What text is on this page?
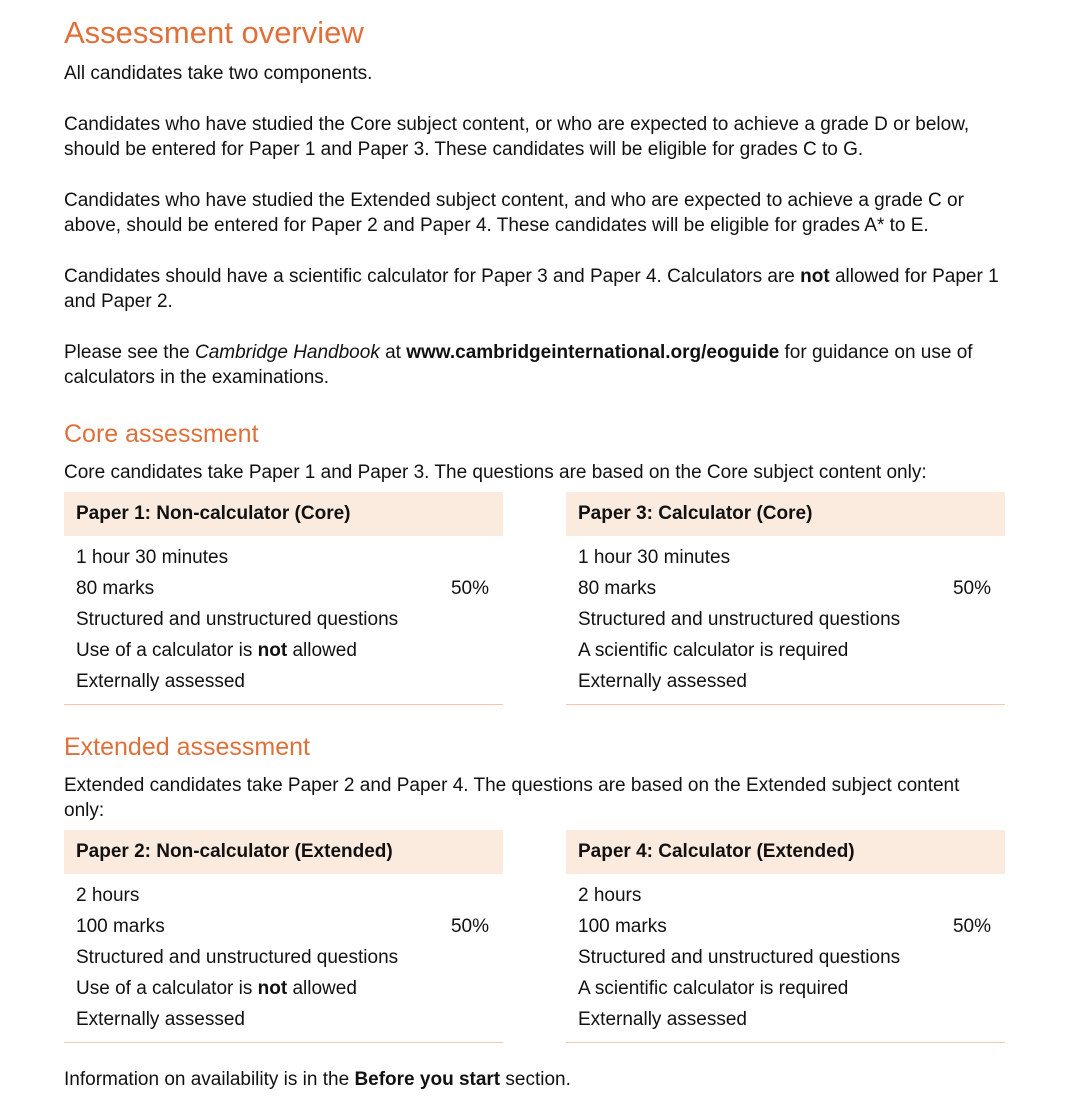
Assessment overview

All candidates take two components.

Candidates who have studied the Core subject content, or who are expected to achieve a grade D or below, should be entered for Paper 1 and Paper 3. These candidates will be eligible for grades C to G.

Candidates who have studied the Extended subject content, and who are expected to achieve a grade C or above, should be entered for Paper 2 and Paper 4. These candidates will be eligible for grades A* to E.

Candidates should have a scientific calculator for Paper 3 and Paper 4. Calculators are not allowed for Paper 1 and Paper 2.

Please see the Cambridge Handbook at www.cambridgeinternational.org/eoguide for guidance on use of calculators in the examinations.

Core assessment

Core candidates take Paper 1 and Paper 3. The questions are based on the Core subject content only:

Paper 1: Non-calculator (Core)
1 hour 30 minutes
80 marks	50%
Structured and unstructured questions
Use of a calculator is not allowed
Externally assessed
Paper 3: Calculator (Core)
1 hour 30 minutes
80 marks	50%
Structured and unstructured questions
A scientific calculator is required
Externally assessed
Extended assessment

Extended candidates take Paper 2 and Paper 4. The questions are based on the Extended subject content only:

Paper 2: Non-calculator (Extended)
2 hours
100 marks	50%
Structured and unstructured questions
Use of a calculator is not allowed
Externally assessed
Paper 4: Calculator (Extended)
2 hours
100 marks	50%
Structured and unstructured questions
A scientific calculator is required
Externally assessed

Information on availability is in the Before you start section.
